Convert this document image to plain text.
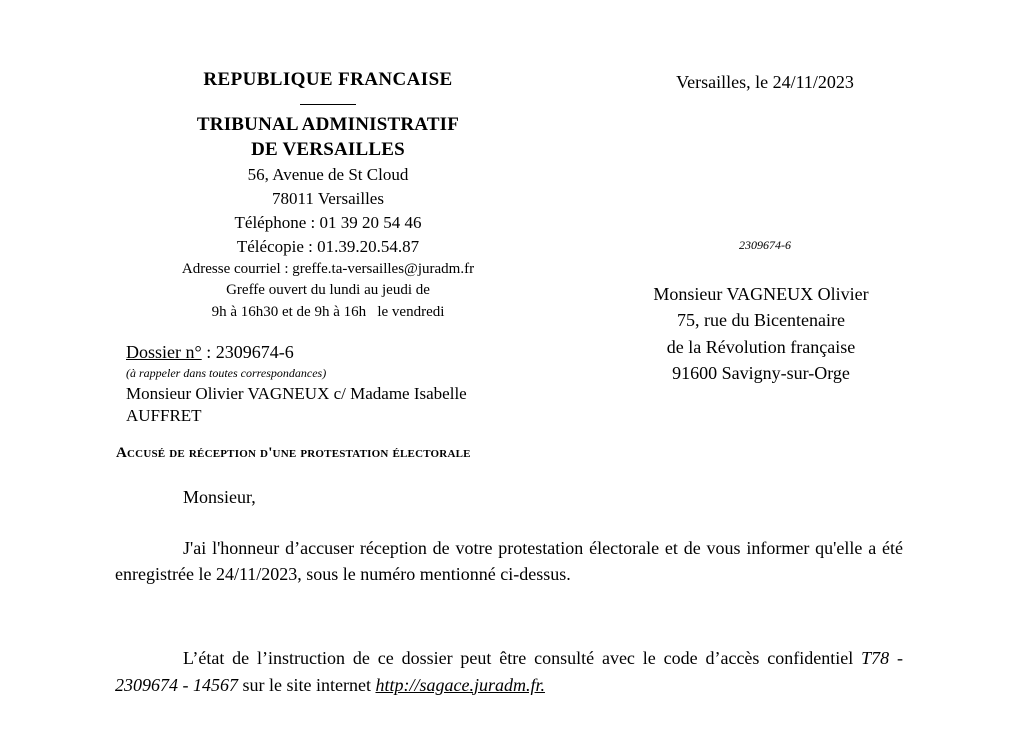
REPUBLIQUE FRANCAISE
TRIBUNAL ADMINISTRATIF
DE VERSAILLES
56, Avenue de St Cloud
78011 Versailles
Téléphone : 01 39 20 54 46
Télécopie : 01.39.20.54.87
Adresse courriel : greffe.ta-versailles@juradm.fr
Greffe ouvert du lundi au jeudi de
9h à 16h30 et de 9h à 16h   le vendredi
Versailles, le 24/11/2023
2309674-6
Monsieur VAGNEUX Olivier
75, rue du Bicentenaire
de la Révolution française
91600 Savigny-sur-Orge
Dossier n° : 2309674-6
(à rappeler dans toutes correspondances)
Monsieur Olivier VAGNEUX c/ Madame Isabelle AUFFRET
Accusé de réception d'une protestation électorale

Monsieur,

J'ai l'honneur d’accuser réception de votre protestation électorale et de vous informer qu'elle a été enregistrée le 24/11/2023, sous le numéro mentionné ci-dessus.

L’état de l’instruction de ce dossier peut être consulté avec le code d’accès confidentiel T78 - 2309674 - 14567 sur le site internet http://sagace.juradm.fr.
